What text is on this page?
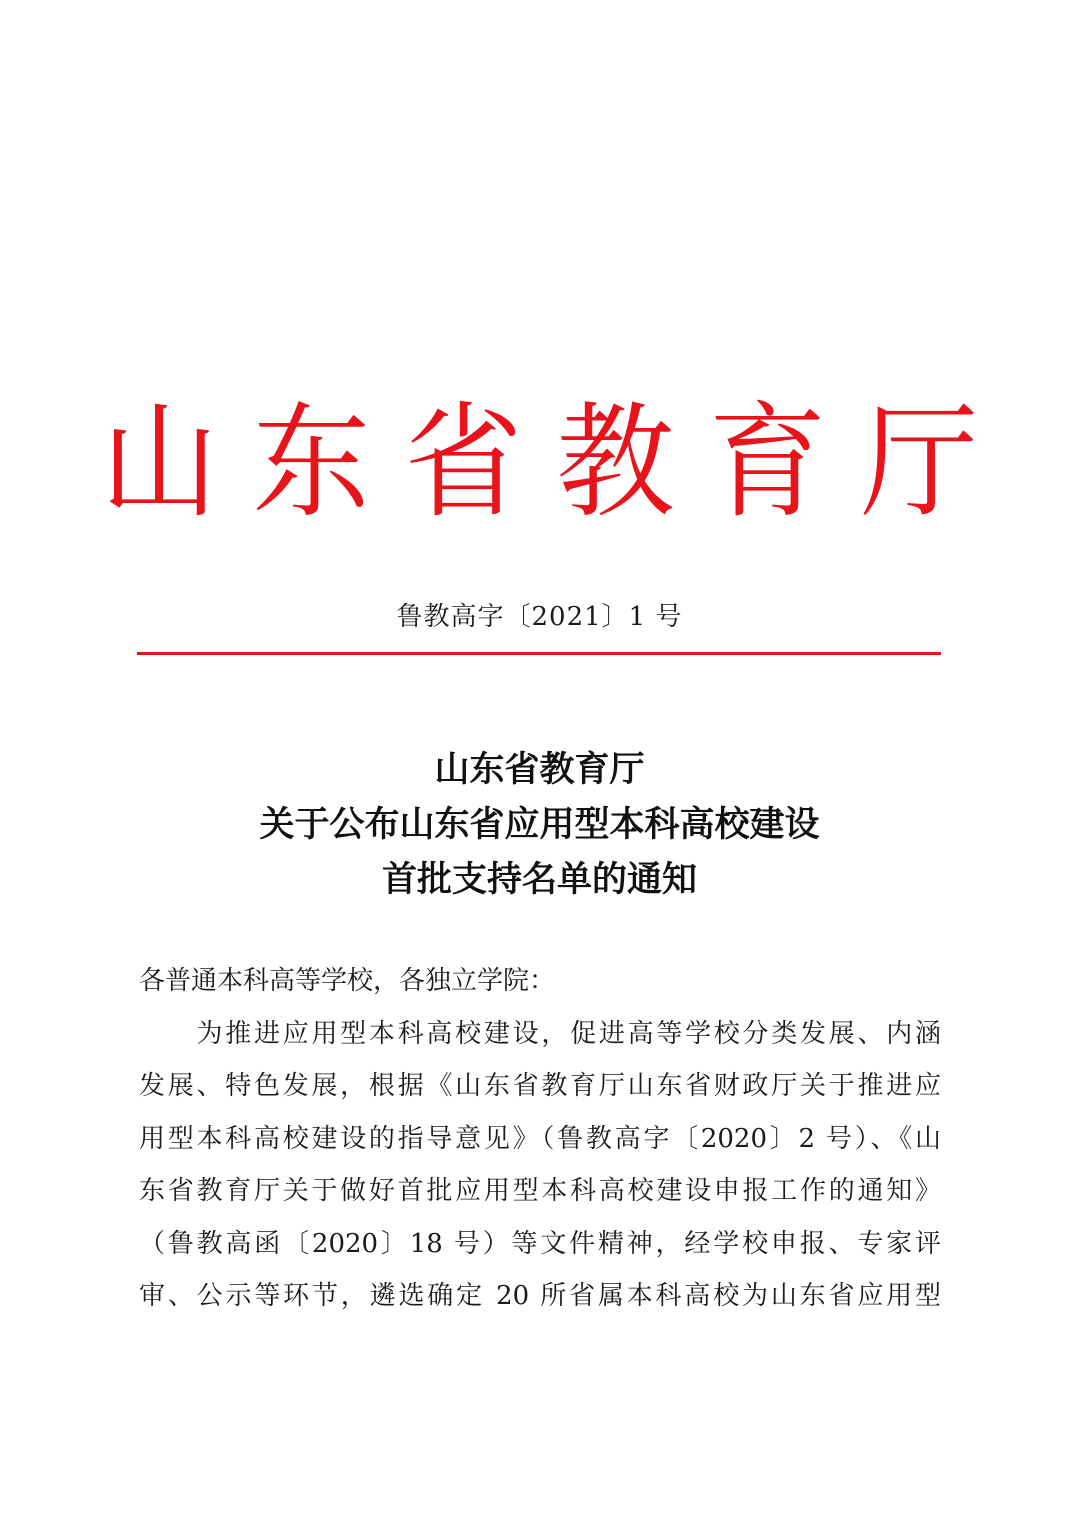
山东省教育厅
鲁教高字〔2021〕1 号
山东省教育厅
关于公布山东省应用型本科高校建设
首批支持名单的通知
各普通本科高等学校，各独立学院：
　　为推进应用型本科高校建设，促进高等学校分类发展、内涵
发展、特色发展，根据《山东省教育厅山东省财政厅关于推进应
用型本科高校建设的指导意见》（鲁教高字〔2020〕2 号）、《山
东省教育厅关于做好首批应用型本科高校建设申报工作的通知》
（鲁教高函〔2020〕18 号）等文件精神，经学校申报、专家评
审、公示等环节，遴选确定 20 所省属本科高校为山东省应用型
